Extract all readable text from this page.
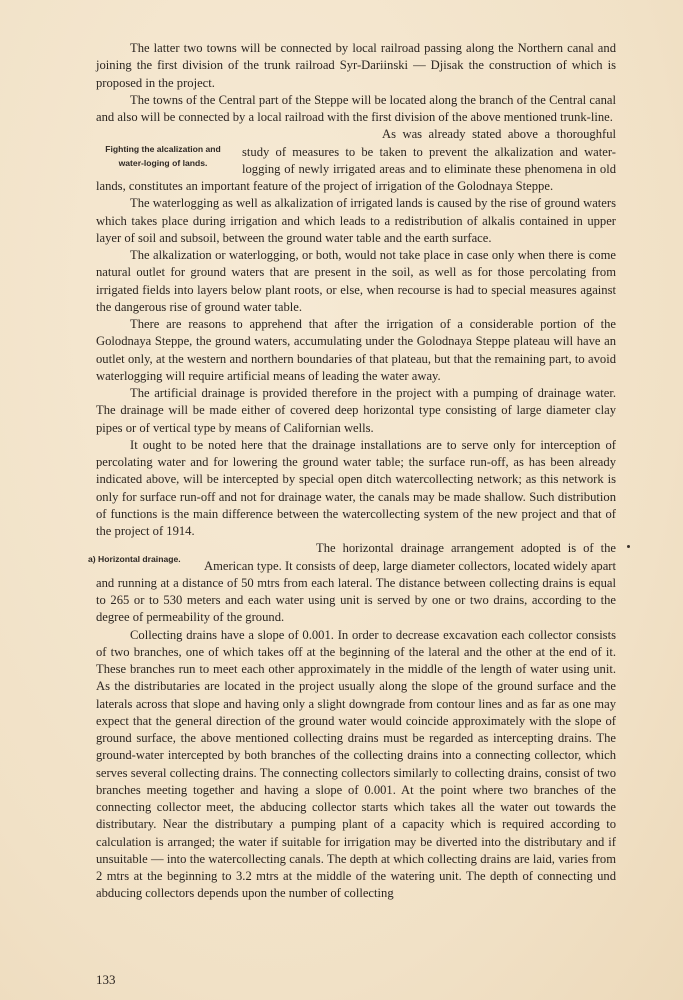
The latter two towns will be connected by local railroad passing along the Northern canal and joining the first division of the trunk railroad Syr-Dariinski — Djisak the construction of which is proposed in the project.

The towns of the Central part of the Steppe will be located along the branch of the Central canal and also will be connected by a local railroad with the first division of the above mentioned trunk-line.

Fighting the alcalization and
water-loging of lands.
As was already stated above a thoroughful study of measures to be taken to prevent the alkalization and water-logging of newly irrigated areas and to eliminate these phenomena in old lands, constitutes an important feature of the project of irrigation of the Golodnaya Steppe.

The waterlogging as well as alkalization of irrigated lands is caused by the rise of ground waters which takes place during irrigation and which leads to a redistribution of alkalis contained in upper layer of soil and subsoil, between the ground water table and the earth surface.

The alkalization or waterlogging, or both, would not take place in case only when there is come natural outlet for ground waters that are present in the soil, as well as for those percolating from irrigated fields into layers below plant roots, or else, when recourse is had to special measures against the dangerous rise of ground water table.

There are reasons to apprehend that after the irrigation of a considerable portion of the Golodnaya Steppe, the ground waters, accumulating under the Golodnaya Steppe plateau will have an outlet only, at the western and northern boundaries of that plateau, but that the remaining part, to avoid waterlogging will require artificial means of leading the water away.

The artificial drainage is provided therefore in the project with a pumping of drainage water. The drainage will be made either of covered deep horizontal type consisting of large diameter clay pipes or of vertical type by means of Californian wells.

It ought to be noted here that the drainage installations are to serve only for interception of percolating water and for lowering the ground water table; the surface run-off, as has been already indicated above, will be intercepted by special open ditch watercollecting network; as this network is only for surface run-off and not for drainage water, the canals may be made shallow. Such distribution of functions is the main difference between the watercollecting system of the new project and that of the project of 1914.

a) Horizontal drainage.
The horizontal drainage arrangement adopted is of the American type. It consists of deep, large diameter collectors, located widely apart and running at a distance of 50 mtrs from each lateral. The distance between collecting drains is equal to 265 or to 530 meters and each water using unit is served by one or two drains, according to the degree of permeability of the ground.

Collecting drains have a slope of 0.001. In order to decrease excavation each collector consists of two branches, one of which takes off at the beginning of the lateral and the other at the end of it. These branches run to meet each other approximately in the middle of the length of water using unit. As the distributaries are located in the project usually along the slope of the ground surface and the laterals across that slope and having only a slight downgrade from contour lines and as far as one may expect that the general direction of the ground water would coincide approximately with the slope of ground surface, the above mentioned collecting drains must be regarded as intercepting drains. The ground-water intercepted by both branches of the collecting drains into a connecting collector, which serves several collecting drains. The connecting collectors similarly to collecting drains, consist of two branches meeting together and having a slope of 0.001. At the point where two branches of the connecting collector meet, the abducing collector starts which takes all the water out towards the distributary. Near the distributary a pumping plant of a capacity which is required according to calculation is arranged; the water if suitable for irrigation may be diverted into the distributary and if unsuitable — into the watercollecting canals. The depth at which collecting drains are laid, varies from 2 mtrs at the beginning to 3.2 mtrs at the middle of the watering unit. The depth of connecting und abducing collectors depends upon the number of collecting

133
